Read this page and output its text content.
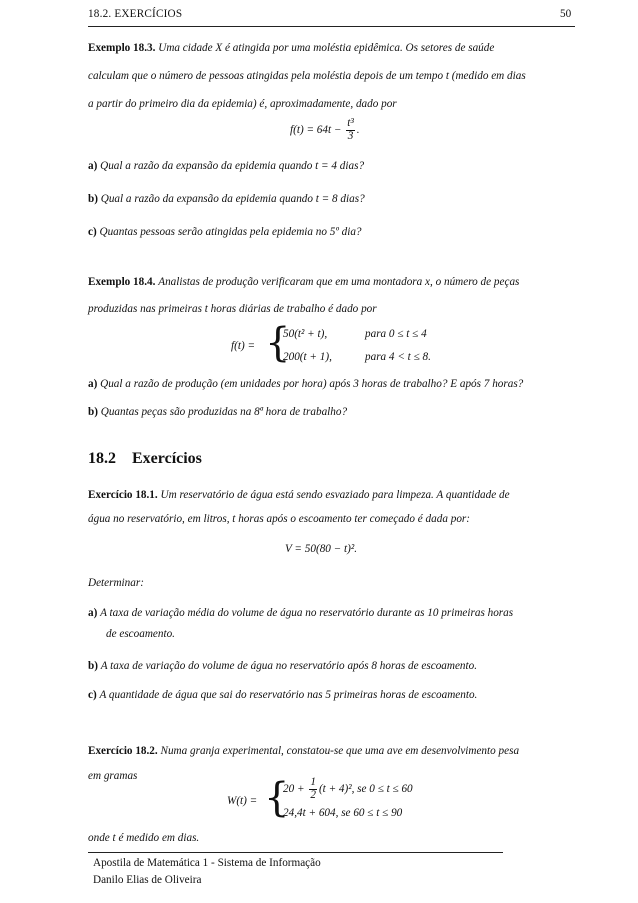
18.2. EXERCÍCIOS	50
Exemplo 18.3. Uma cidade X é atingida por uma moléstia epidêmica. Os setores de saúde
calculam que o número de pessoas atingidas pela moléstia depois de um tempo t (medido em dias
a partir do primeiro dia da epidemia) é, aproximadamente, dado por
$f(t) = 64t - \frac{\text{t³}}{3}$ .
a) Qual a razão da expansão da epidemia quando t = 4 dias?
b) Qual a razão da expansão da epidemia quando t = 8 dias?
c) Quantas pessoas serão atingidas pela epidemia no 5º dia?
Exemplo 18.4. Analistas de produção verificaram que em uma montadora x, o número de peças
produzidas nas primeiras t horas diárias de trabalho é dado por
f(t) = {
50(t² + t),	para 0 ≤ t ≤ 4
200(t + 1),	para 4 < t ≤ 8.
a) Qual a razão de produção (em unidades por hora) após 3 horas de trabalho? E após 7 horas?
b) Quantas peças são produzidas na 8ª hora de trabalho?
18.2 Exercícios
Exercício 18.1. Um reservatório de água está sendo esvaziado para limpeza. A quantidade de
água no reservatório, em litros, t horas após o escoamento ter começado é dada por:
V = 50(80 − t)².
Determinar:
a) A taxa de variação média do volume de água no reservatório durante as 10 primeiras horas
de escoamento.
b) A taxa de variação do volume de água no reservatório após 8 horas de escoamento.
c) A quantidade de água que sai do reservatório nas 5 primeiras horas de escoamento.
Exercício 18.2. Numa granja experimental, constatou-se que uma ave em desenvolvimento pesa
em gramas
W(t) = {
$20 + \frac{1}{2} (t + 4)^2$, se 0 ≤ t ≤ 60
24,4t + 604, se 60 ≤ t ≤ 90
onde t é medido em dias.
Apostila de Matemática 1 - Sistema de Informação
Danilo Elias de Oliveira
